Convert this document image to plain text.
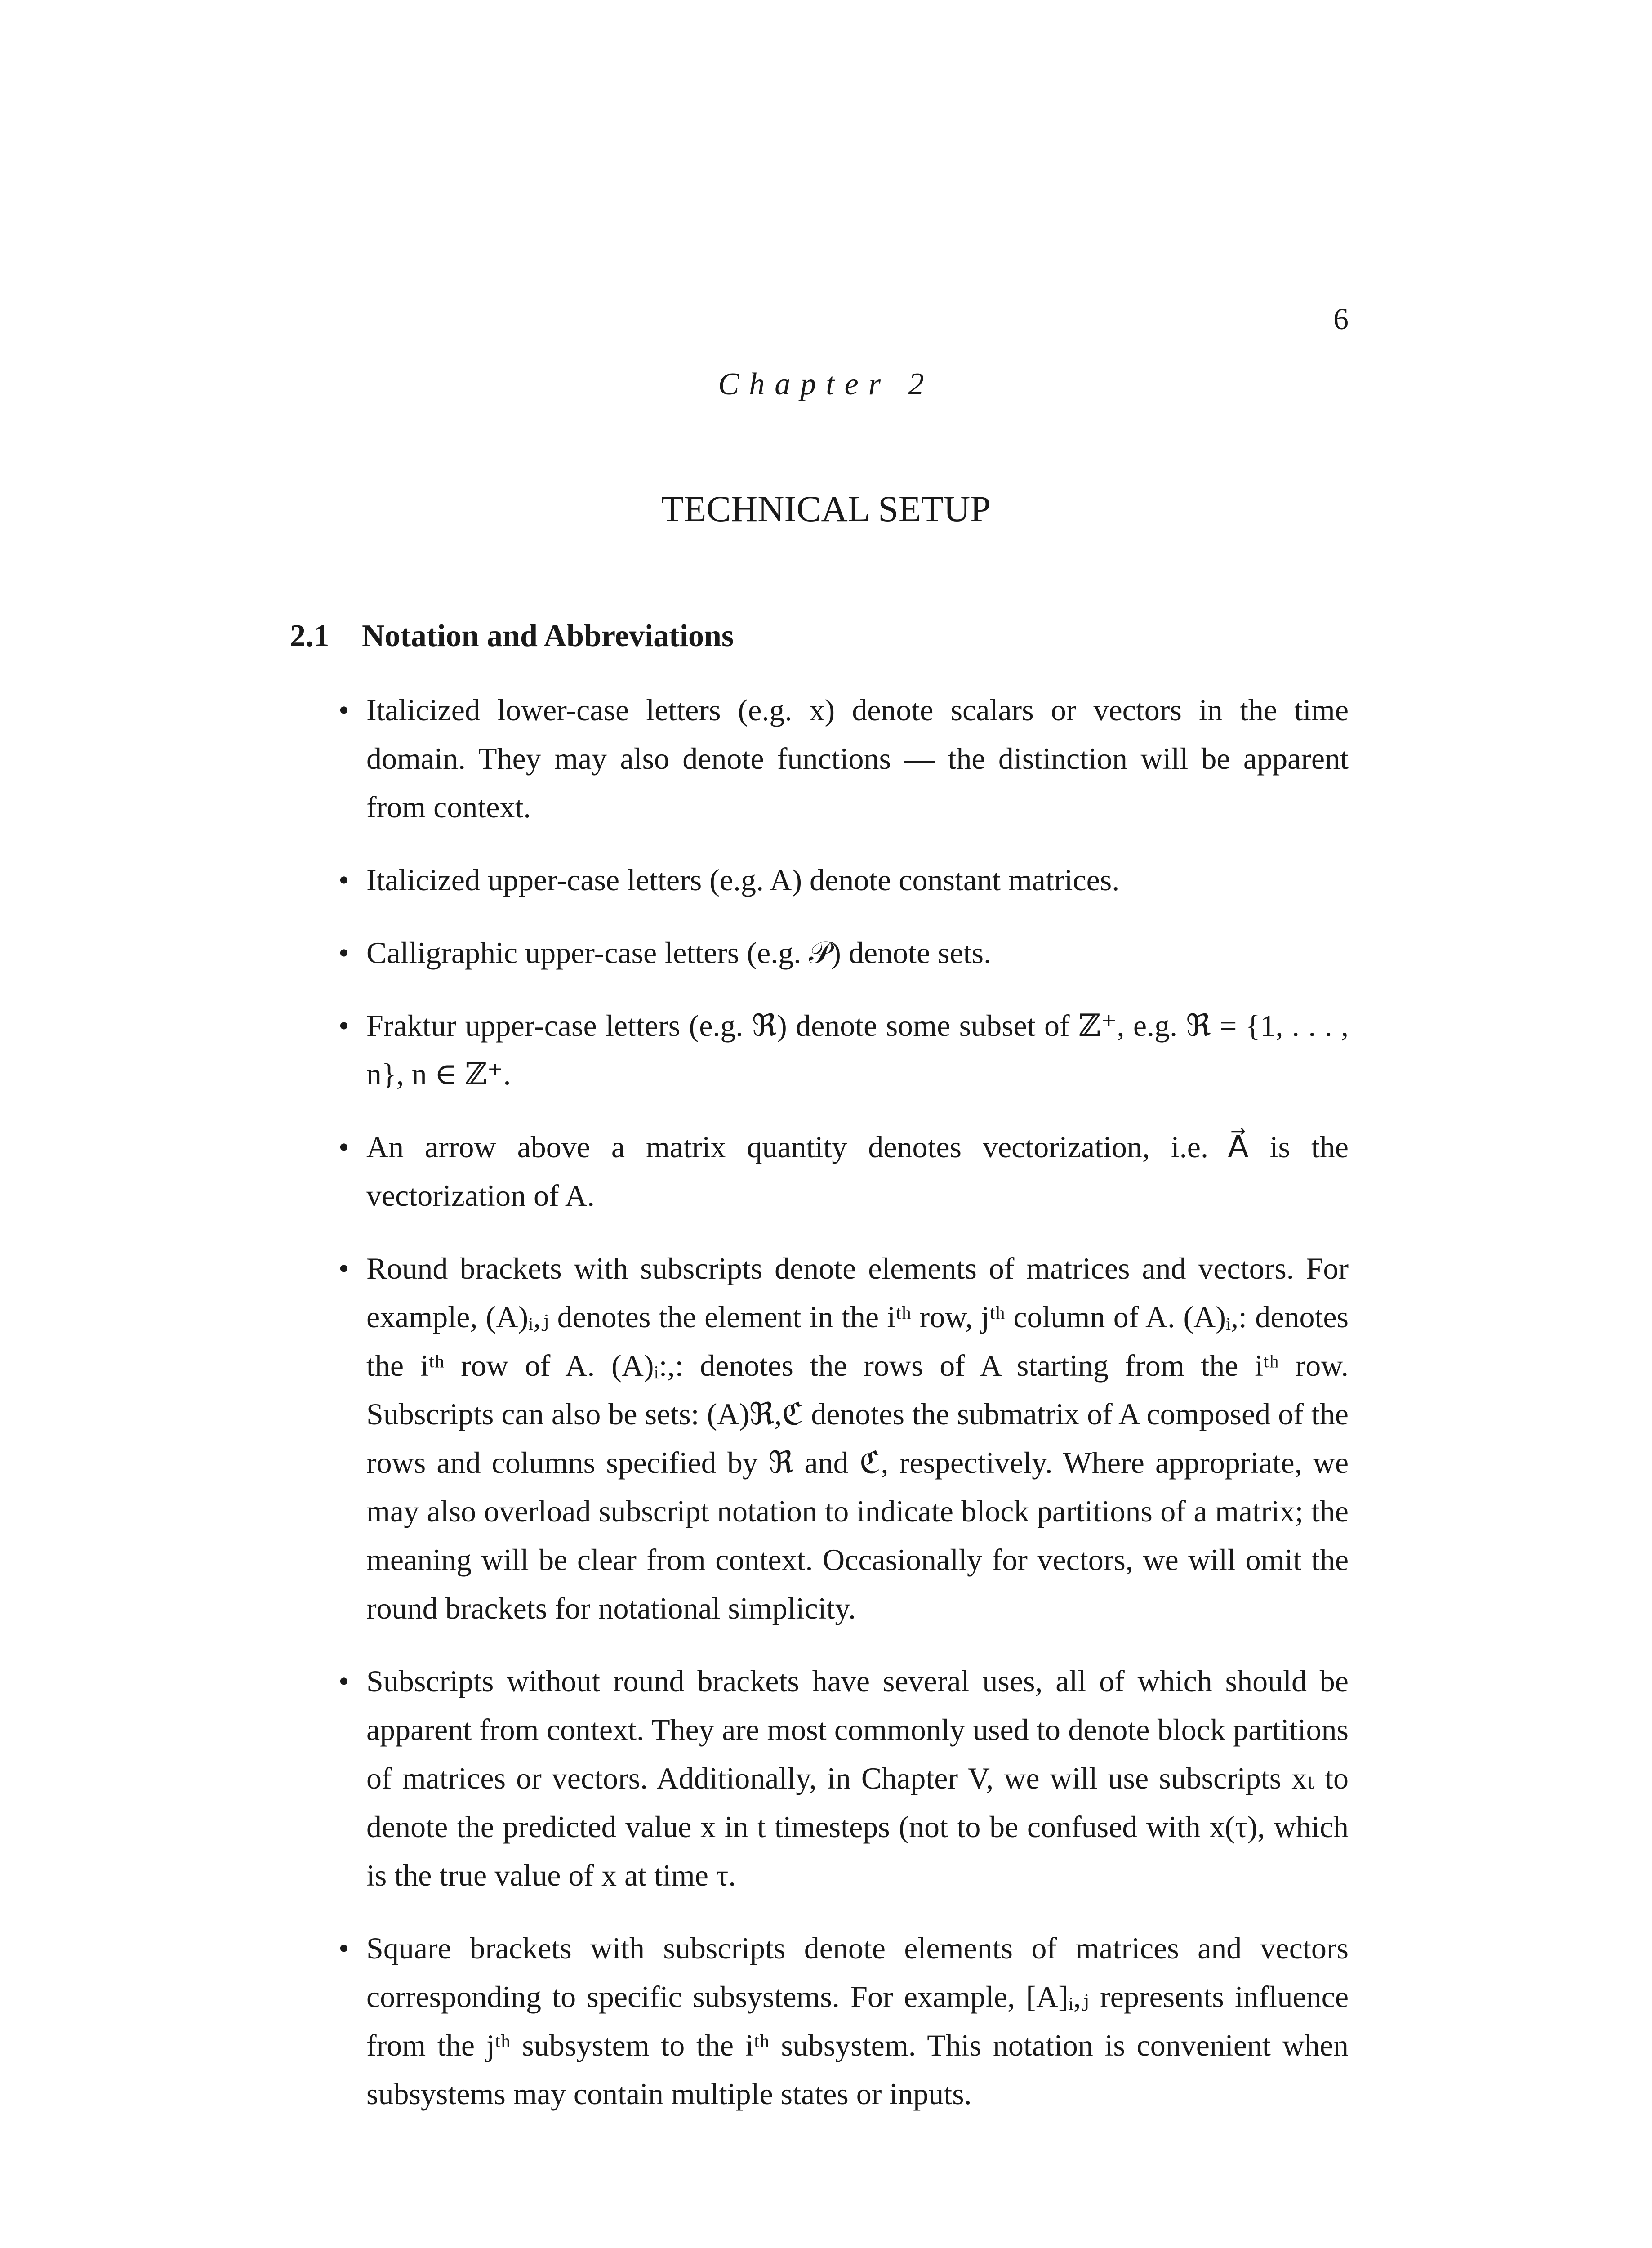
6
Chapter 2
TECHNICAL SETUP
2.1 Notation and Abbreviations
• Italicized lower-case letters (e.g. x) denote scalars or vectors in the time domain. They may also denote functions — the distinction will be apparent from context.
• Italicized upper-case letters (e.g. A) denote constant matrices.
• Calligraphic upper-case letters (e.g. 𝒫) denote sets.
• Fraktur upper-case letters (e.g. ℜ) denote some subset of ℤ⁺, e.g. ℜ = {1, . . . , n}, n ∈ ℤ⁺.
• An arrow above a matrix quantity denotes vectorization, i.e. A⃗ is the vectorization of A.
• Round brackets with subscripts denote elements of matrices and vectors. For example, (A)ᵢ,ⱼ denotes the element in the iᵗʰ row, jᵗʰ column of A. (A)ᵢ,: denotes the iᵗʰ row of A. (A)ᵢ:,: denotes the rows of A starting from the iᵗʰ row. Subscripts can also be sets: (A)ℜ,ℭ denotes the submatrix of A composed of the rows and columns specified by ℜ and ℭ, respectively. Where appropriate, we may also overload subscript notation to indicate block partitions of a matrix; the meaning will be clear from context. Occasionally for vectors, we will omit the round brackets for notational simplicity.
• Subscripts without round brackets have several uses, all of which should be apparent from context. They are most commonly used to denote block partitions of matrices or vectors. Additionally, in Chapter V, we will use subscripts xₜ to denote the predicted value x in t timesteps (not to be confused with x(τ), which is the true value of x at time τ.
• Square brackets with subscripts denote elements of matrices and vectors corresponding to specific subsystems. For example, [A]ᵢ,ⱼ represents influence from the jᵗʰ subsystem to the iᵗʰ subsystem. This notation is convenient when subsystems may contain multiple states or inputs.
